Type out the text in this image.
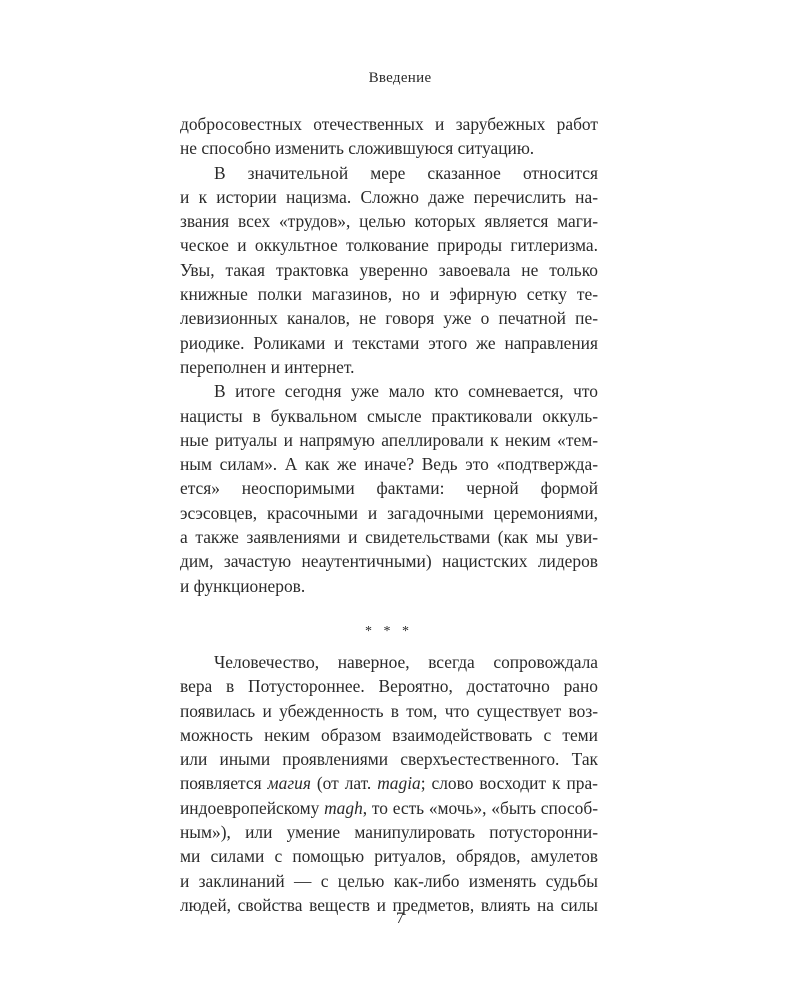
Введение
добросовестных отечественных и зарубежных работ
не способно изменить сложившуюся ситуацию.
В значительной мере сказанное относится
и к истории нацизма. Сложно даже перечислить на-
звания всех «трудов», целью которых является маги-
ческое и оккультное толкование природы гитлеризма.
Увы, такая трактовка уверенно завоевала не только
книжные полки магазинов, но и эфирную сетку те-
левизионных каналов, не говоря уже о печатной пе-
риодике. Роликами и текстами этого же направления
переполнен и интернет.
В итоге сегодня уже мало кто сомневается, что
нацисты в буквальном смысле практиковали оккуль-
ные ритуалы и напрямую апеллировали к неким «тем-
ным силам». А как же иначе? Ведь это «подтвержда-
ется» неоспоримыми фактами: черной формой
эсэсовцев, красочными и загадочными церемониями,
а также заявлениями и свидетельствами (как мы уви-
дим, зачастую неаутентичными) нацистских лидеров
и функционеров.
* * *
Человечество, наверное, всегда сопровождала
вера в Потустороннее. Вероятно, достаточно рано
появилась и убежденность в том, что существует воз-
можность неким образом взаимодействовать с теми
или иными проявлениями сверхъестественного. Так
появляется магия (от лат. magia; слово восходит к пра-
индоевропейскому magh, то есть «мочь», «быть способ-
ным»), или умение манипулировать потусторонни-
ми силами с помощью ритуалов, обрядов, амулетов
и заклинаний — с целью как-либо изменять судьбы
людей, свойства веществ и предметов, влиять на силы
7
